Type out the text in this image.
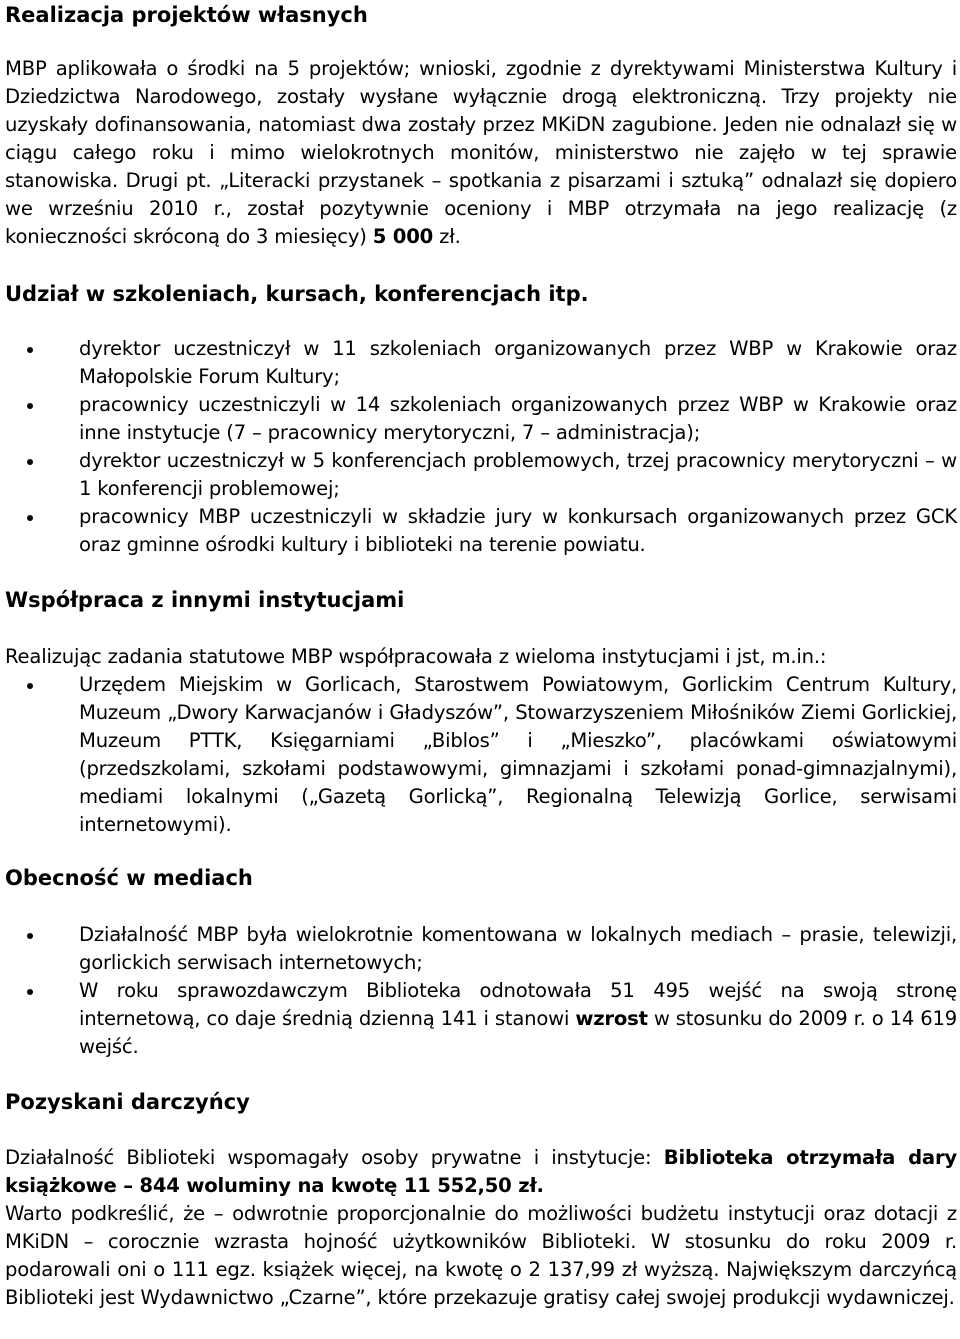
Realizacja projektów własnych

MBP aplikowała o środki na 5 projektów; wnioski, zgodnie z dyrektywami Ministerstwa Kultury i Dziedzictwa Narodowego, zostały wysłane wyłącznie drogą elektroniczną. Trzy projekty nie uzyskały dofinansowania, natomiast dwa zostały przez MKiDN zagubione. Jeden nie odnalazł się w ciągu całego roku i mimo wielokrotnych monitów, ministerstwo nie zajęło w tej sprawie stanowiska. Drugi pt. „Literacki przystanek – spotkania z pisarzami i sztuką” odnalazł się dopiero we wrześniu 2010 r., został pozytywnie oceniony i MBP otrzymała na jego realizację (z konieczności skróconą do 3 miesięcy) 5 000 zł.

Udział w szkoleniach, kursach, konferencjach itp.
dyrektor uczestniczył w 11 szkoleniach organizowanych przez WBP w Krakowie oraz Małopolskie Forum Kultury;
pracownicy uczestniczyli w 14 szkoleniach organizowanych przez WBP w Krakowie oraz inne instytucje (7 – pracownicy merytoryczni, 7 – administracja);
dyrektor uczestniczył w 5 konferencjach problemowych, trzej pracownicy merytoryczni – w 1 konferencji problemowej;
pracownicy MBP uczestniczyli w składzie jury w konkursach organizowanych przez GCK oraz gminne ośrodki kultury i biblioteki na terenie powiatu.
Współpraca z innymi instytucjami

Realizując zadania statutowe MBP współpracowała z wieloma instytucjami i jst, m.in.:

Urzędem Miejskim w Gorlicach, Starostwem Powiatowym, Gorlickim Centrum Kultury, Muzeum „Dwory Karwacjanów i Gładyszów”, Stowarzyszeniem Miłośników Ziemi Gorlickiej, Muzeum PTTK, Księgarniami „Biblos” i „Mieszko”, placówkami oświatowymi (przedszkolami, szkołami podstawowymi, gimnazjami i szkołami ponad-gimnazjalnymi), mediami lokalnymi („Gazetą Gorlicką”, Regionalną Telewizją Gorlice, serwisami internetowymi).
Obecność w mediach
Działalność MBP była wielokrotnie komentowana w lokalnych mediach – prasie, telewizji, gorlickich serwisach internetowych;
W roku sprawozdawczym Biblioteka odnotowała 51 495 wejść na swoją stronę internetową, co daje średnią dzienną 141 i stanowi wzrost w stosunku do 2009 r. o 14 619 wejść.
Pozyskani darczyńcy

Działalność Biblioteki wspomagały osoby prywatne i instytucje: Biblioteka otrzymała dary książkowe – 844 woluminy na kwotę 11 552,50 zł.

Warto podkreślić, że – odwrotnie proporcjonalnie do możliwości budżetu instytucji oraz dotacji z MKiDN – corocznie wzrasta hojność użytkowników Biblioteki. W stosunku do roku 2009 r. podarowali oni o 111 egz. książek więcej, na kwotę o 2 137,99 zł wyższą. Największym darczyńcą Biblioteki jest Wydawnictwo „Czarne”, które przekazuje gratisy całej swojej produkcji wydawniczej.
